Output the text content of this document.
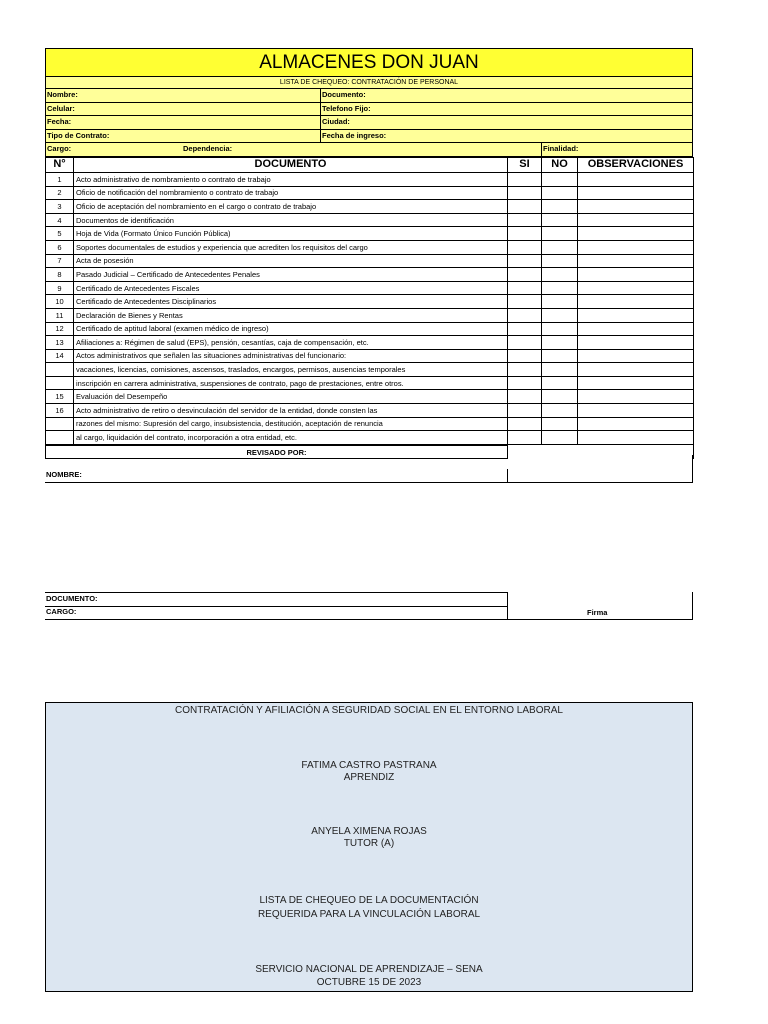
ALMACENES DON JUAN
LISTA DE CHEQUEO: CONTRATACIÓN DE PERSONAL
Nombre:	Documento:
Celular:	Telefono Fijo:
Fecha:	Ciudad:
Tipo de Contrato:	Fecha de ingreso:
Cargo:	Dependencia:	Finalidad:
N°	DOCUMENTO	SI	NO	OBSERVACIONES
1	Acto administrativo de nombramiento o contrato de trabajo			
2	Oficio de notificación del nombramiento o contrato de trabajo			
3	Oficio de aceptación del nombramiento en el cargo o contrato de trabajo			
4	Documentos de identificación			
5	Hoja de Vida (Formato Único Función Pública)			
6	Soportes documentales de estudios y experiencia que acrediten los requisitos del cargo			
7	Acta de posesión			
8	Pasado Judicial – Certificado de Antecedentes Penales			
9	Certificado de Antecedentes Fiscales			
10	Certificado de Antecedentes Disciplinarios			
11	Declaración de Bienes y Rentas			
12	Certificado de aptitud laboral (examen médico de ingreso)			
13	Afiliaciones a: Régimen de salud (EPS), pensión, cesantías, caja de compensación, etc.			
14	Actos administrativos que señalen las situaciones administrativas del funcionario:			
	vacaciones, licencias, comisiones, ascensos, traslados, encargos, permisos, ausencias temporales			
	inscripción en carrera administrativa, suspensiones de contrato, pago de prestaciones, entre otros.			
15	Evaluación del Desempeño			
16	Acto administrativo de retiro o desvinculación del servidor de la entidad, donde consten las			
	razones del mismo: Supresión del cargo, insubsistencia, destitución, aceptación de renuncia			
	al cargo, liquidación del contrato, incorporación a otra entidad, etc.			
REVISADO POR:	
NOMBRE:
DOCUMENTO:
CARGO:	Firma
CONTRATACIÓN Y AFILIACIÓN A SEGURIDAD SOCIAL EN EL ENTORNO LABORAL
FATIMA CASTRO PASTRANA
APRENDIZ
ANYELA XIMENA ROJAS
TUTOR (A)
LISTA DE CHEQUEO DE LA DOCUMENTACIÓN
REQUERIDA PARA LA VINCULACIÓN LABORAL
SERVICIO NACIONAL DE APRENDIZAJE – SENA
OCTUBRE 15 DE 2023
